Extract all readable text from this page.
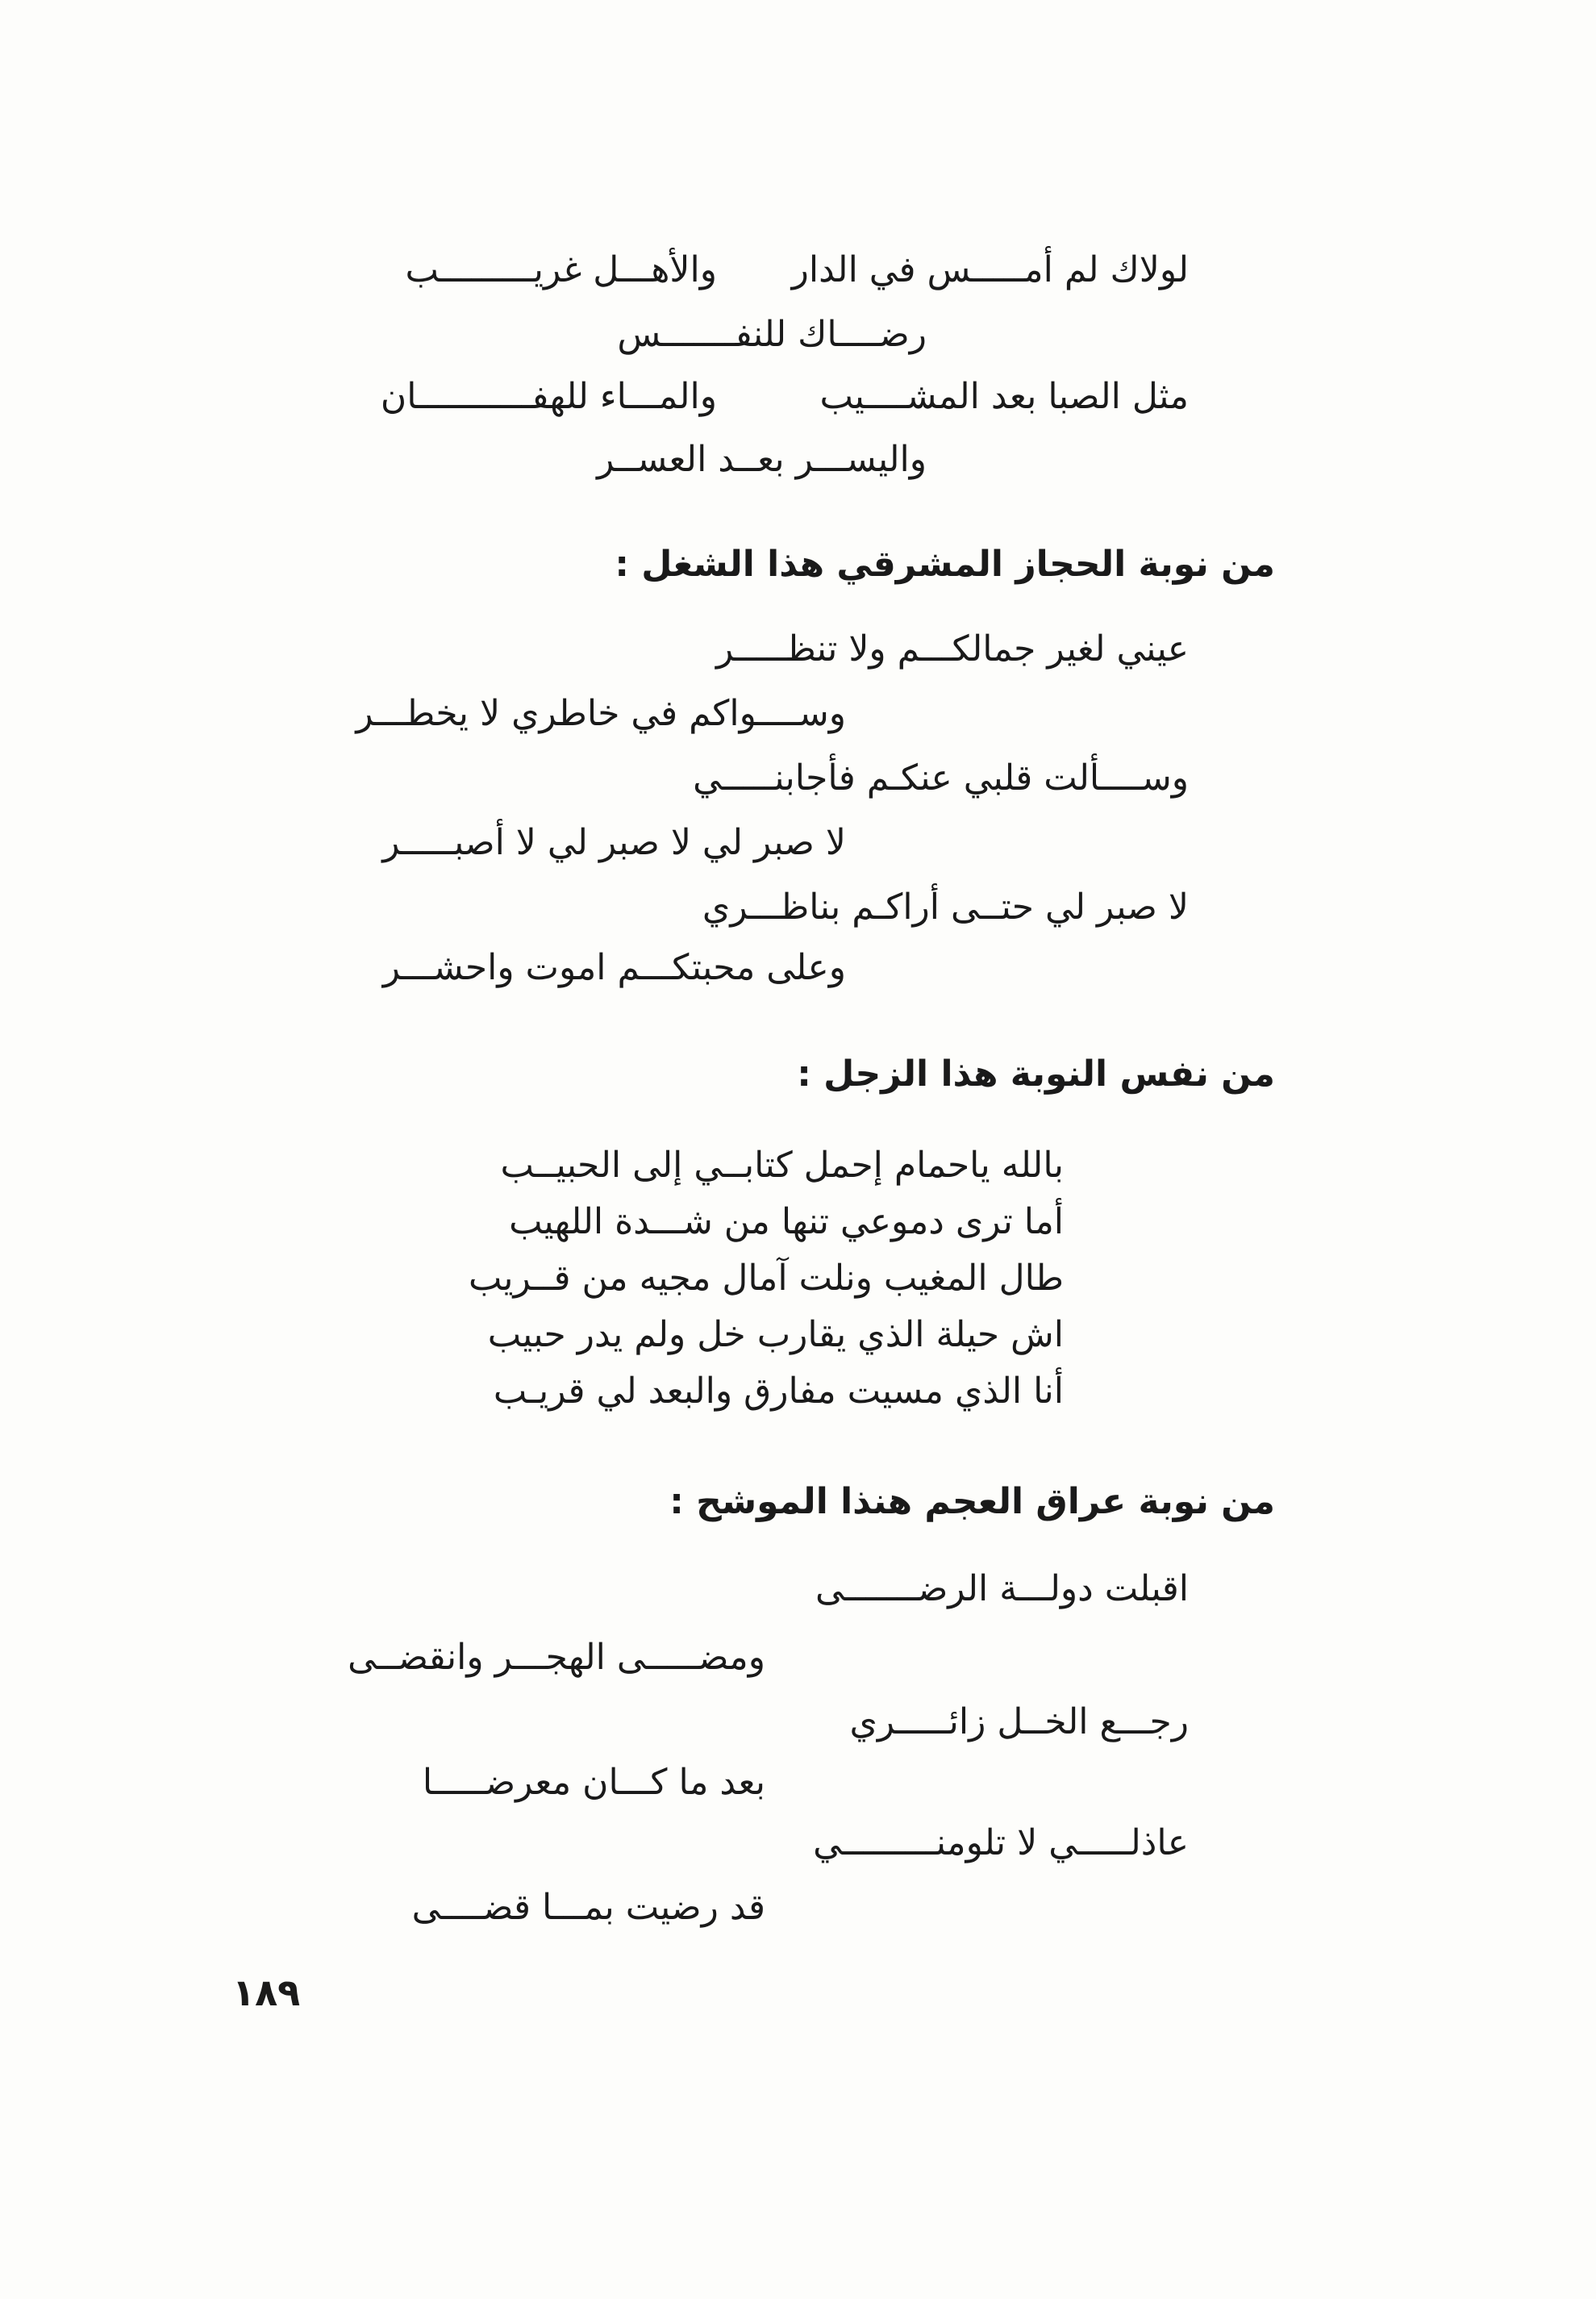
لولاك لم أمـــــس في الدار
والأهـــل غريـــــــــب
رضــــاك للنفـــــــس
مثل الصبا بعد المشــــيب
والمـــاء للهفـــــــــــان
واليســـر بعــد العســر
من نوبة الحجاز المشرقي هذا الشغل :
عيني لغير جمالكـــم ولا تنظـــــر
وســــواكم في خاطري لا يخطـــر
وســــألت قلبي عنكـم فأجابنـــــي
لا صبر لي لا صبر لي لا أصبـــــر
لا صبر لي حتــى أراكـم بناظـــري
وعلى محبتكـــم اموت واحشـــر
من نفس النوبة هذا الزجل :
بالله ياحمام إحمل كتابــي إلى الحبيــب
أما ترى دموعي تنها من شـــدة اللهيب
طال المغيب ونلت آمال مجيه من قــريب
اش حيلة الذي يقارب خل ولم يدر حبيب
أنا الذي مسيت مفارق والبعد لي قريـب
من نوبة عراق العجم هنذا الموشح :
اقبلت دولـــة الرضـــــــى
ومضـــــى الهجـــر وانقضــى
رجـــع الخــل زائـــــري
بعد ما كـــان معرضـــــا
عاذلـــــي لا تلومنـــــــــي
قد رضيت بمـــا قضــــى
١٨٩
